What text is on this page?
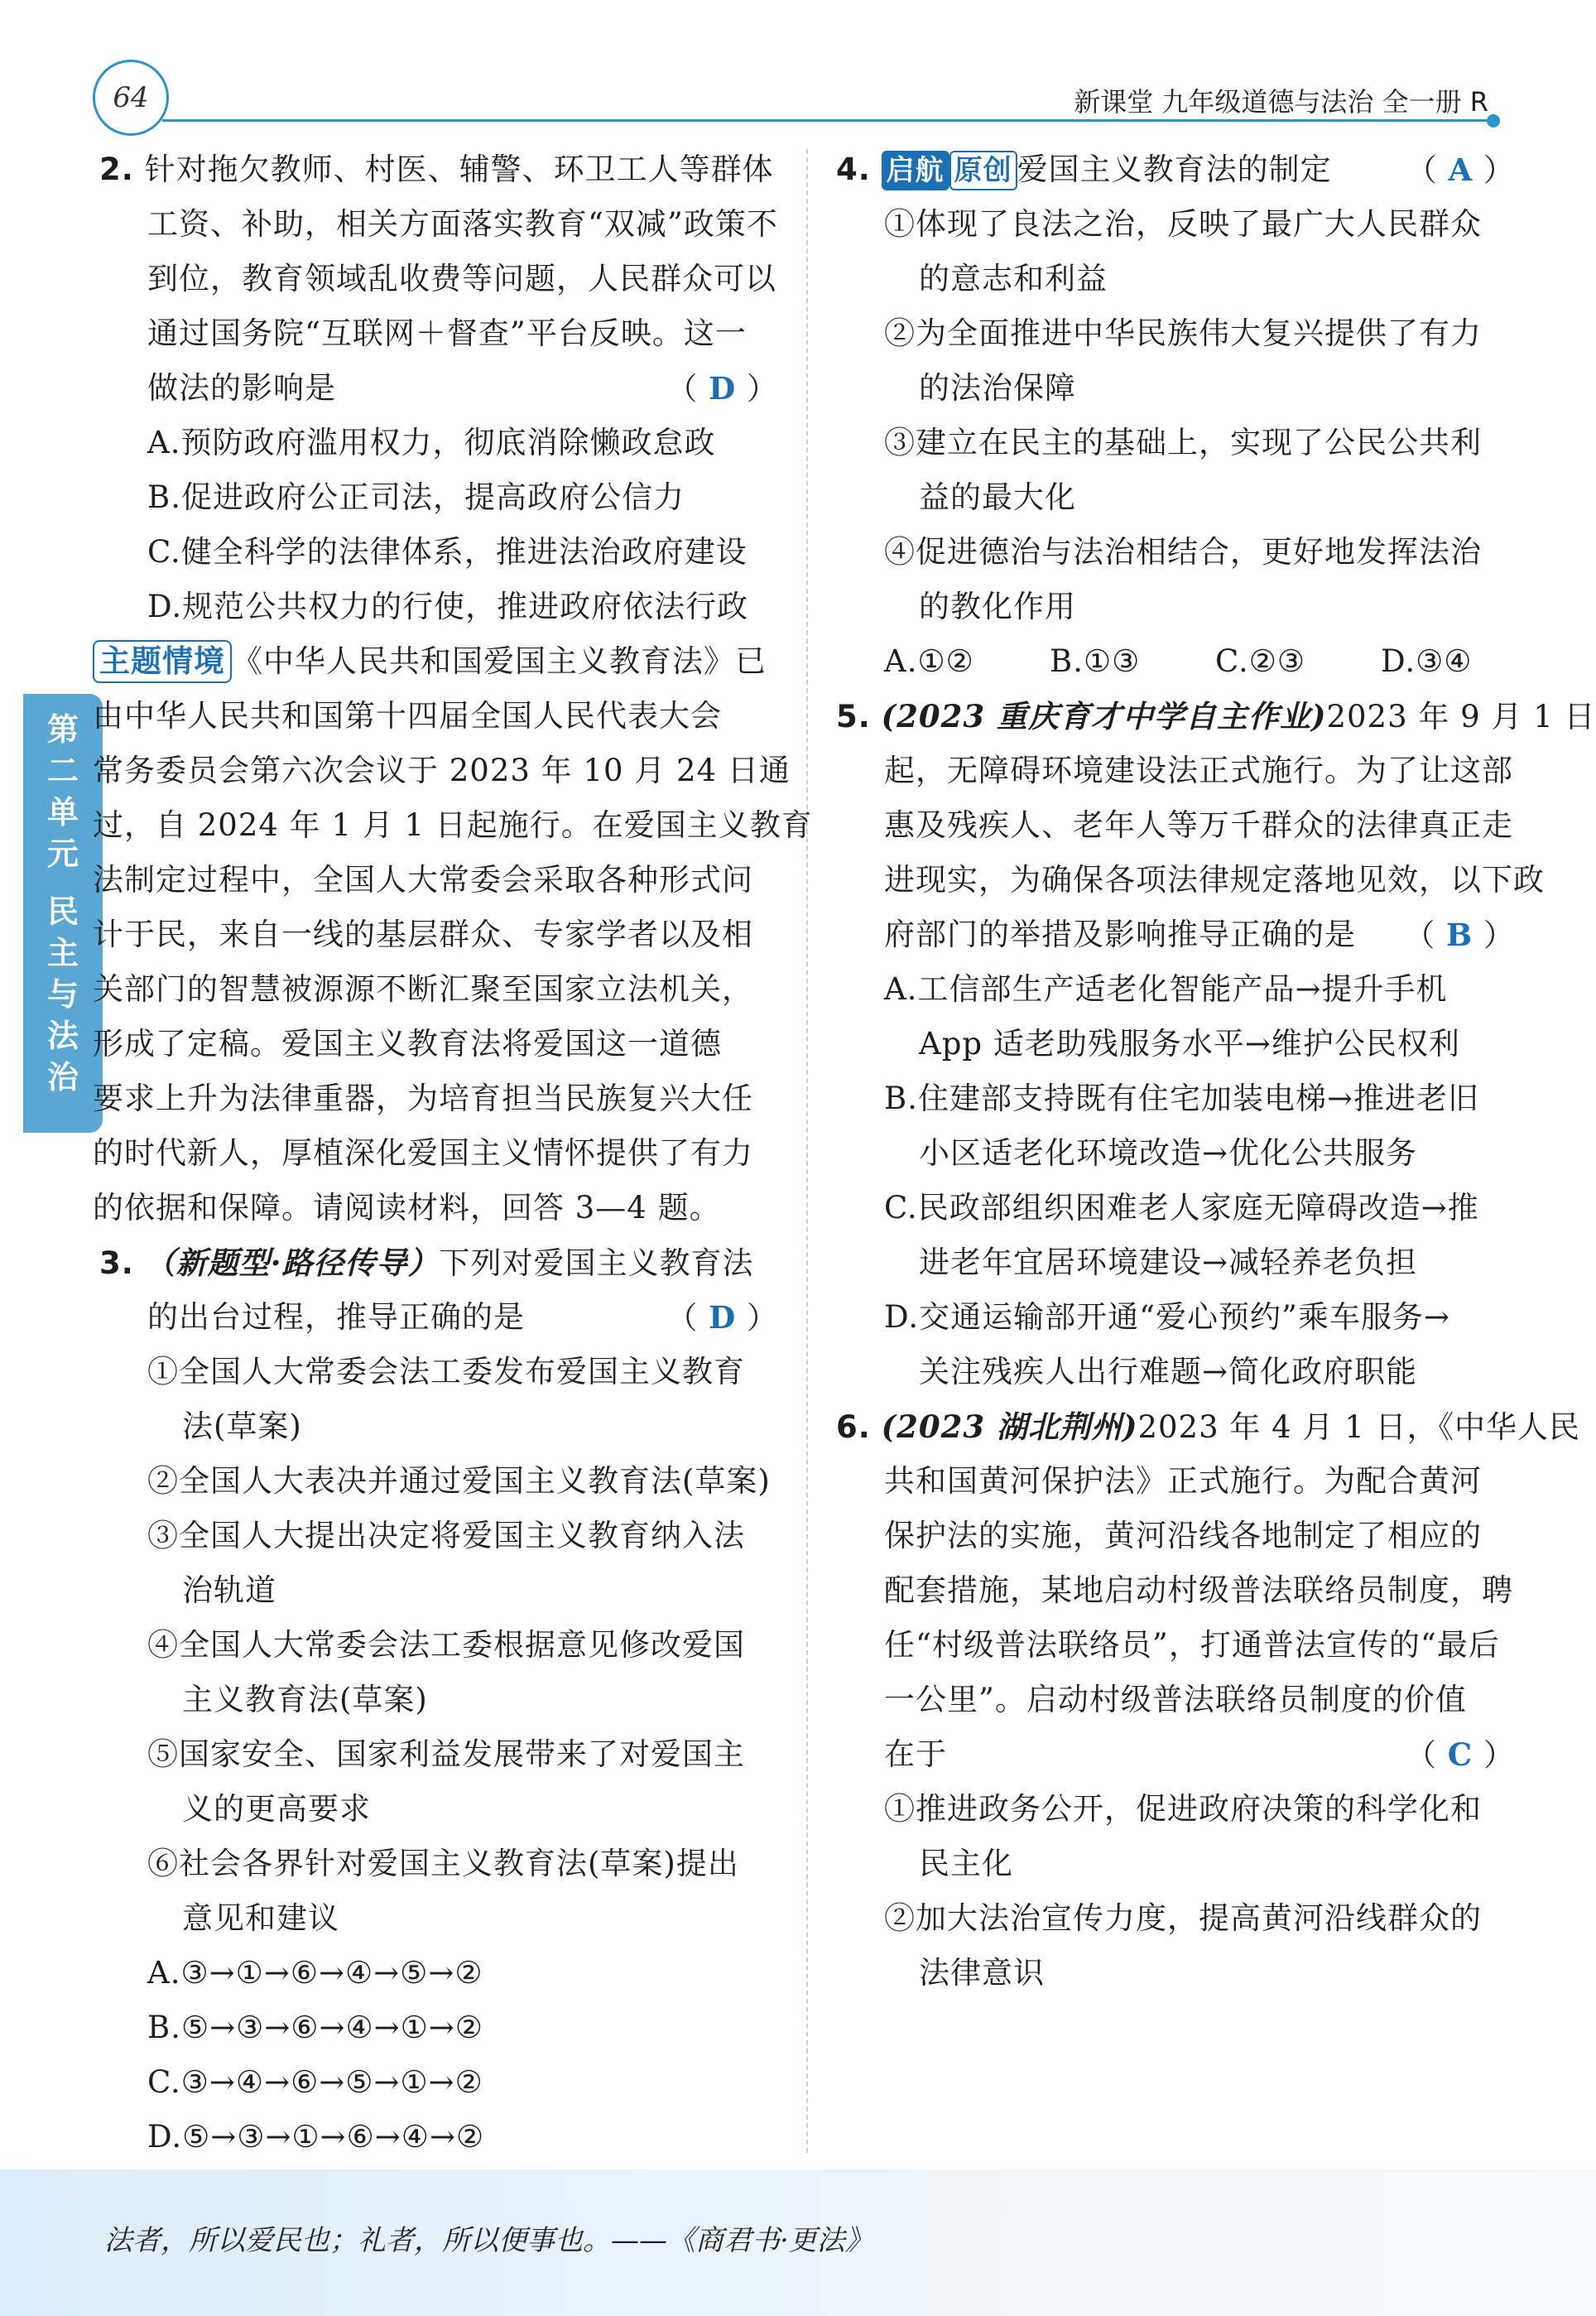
64	新课堂 九年级道德与法治 全一册 R
第
二
单
元
民
主
与
法
治
2. 针对拖欠教师、村医、辅警、环卫工人等群体
工资、补助，相关方面落实教育“双减”政策不
到位，教育领域乱收费等问题，人民群众可以
通过国务院“互联网＋督查”平台反映。这一
做法的影响是	（ D ）
A.预防政府滥用权力，彻底消除懒政怠政
B.促进政府公正司法，提高政府公信力
C.健全科学的法律体系，推进法治政府建设
D.规范公共权力的行使，推进政府依法行政
主题情境 《中华人民共和国爱国主义教育法》已
由中华人民共和国第十四届全国人民代表大会
常务委员会第六次会议于 2023 年 10 月 24 日通
过，自 2024 年 1 月 1 日起施行。在爱国主义教育
法制定过程中，全国人大常委会采取各种形式问
计于民，来自一线的基层群众、专家学者以及相
关部门的智慧被源源不断汇聚至国家立法机关，
形成了定稿。爱国主义教育法将爱国这一道德
要求上升为法律重器，为培育担当民族复兴大任
的时代新人，厚植深化爱国主义情怀提供了有力
的依据和保障。请阅读材料，回答 3—4 题。
3. （新题型·路径传导）下列对爱国主义教育法
的出台过程，推导正确的是	（ D ）
①全国人大常委会法工委发布爱国主义教育
法(草案)
②全国人大表决并通过爱国主义教育法(草案)
③全国人大提出决定将爱国主义教育纳入法
治轨道
④全国人大常委会法工委根据意见修改爱国
主义教育法(草案)
⑤国家安全、国家利益发展带来了对爱国主
义的更高要求
⑥社会各界针对爱国主义教育法(草案)提出
意见和建议
A.③→①→⑥→④→⑤→②
B.⑤→③→⑥→④→①→②
C.③→④→⑥→⑤→①→②
D.⑤→③→①→⑥→④→②
4. 启航 原创 爱国主义教育法的制定 （ A ）
①体现了良法之治，反映了最广大人民群众
的意志和利益
②为全面推进中华民族伟大复兴提供了有力
的法治保障
③建立在民主的基础上，实现了公民公共利
益的最大化
④促进德治与法治相结合，更好地发挥法治
的教化作用
A.①② B.①③ C.②③ D.③④
5. (2023 重庆育才中学自主作业)2023 年 9 月 1 日
起，无障碍环境建设法正式施行。为了让这部
惠及残疾人、老年人等万千群众的法律真正走
进现实，为确保各项法律规定落地见效，以下政
府部门的举措及影响推导正确的是 （ B ）
A.工信部生产适老化智能产品→提升手机
App 适老助残服务水平→维护公民权利
B.住建部支持既有住宅加装电梯→推进老旧
小区适老化环境改造→优化公共服务
C.民政部组织困难老人家庭无障碍改造→推
进老年宜居环境建设→减轻养老负担
D.交通运输部开通“爱心预约”乘车服务→
关注残疾人出行难题→简化政府职能
6. (2023 湖北荆州)2023 年 4 月 1 日，《中华人民
共和国黄河保护法》正式施行。为配合黄河
保护法的实施，黄河沿线各地制定了相应的
配套措施，某地启动村级普法联络员制度，聘
任“村级普法联络员”，打通普法宣传的“最后
一公里”。启动村级普法联络员制度的价值
在于	（ C ）
①推进政务公开，促进政府决策的科学化和
民主化
②加大法治宣传力度，提高黄河沿线群众的
法律意识
法者，所以爱民也；礼者，所以便事也。——《商君书·更法》
